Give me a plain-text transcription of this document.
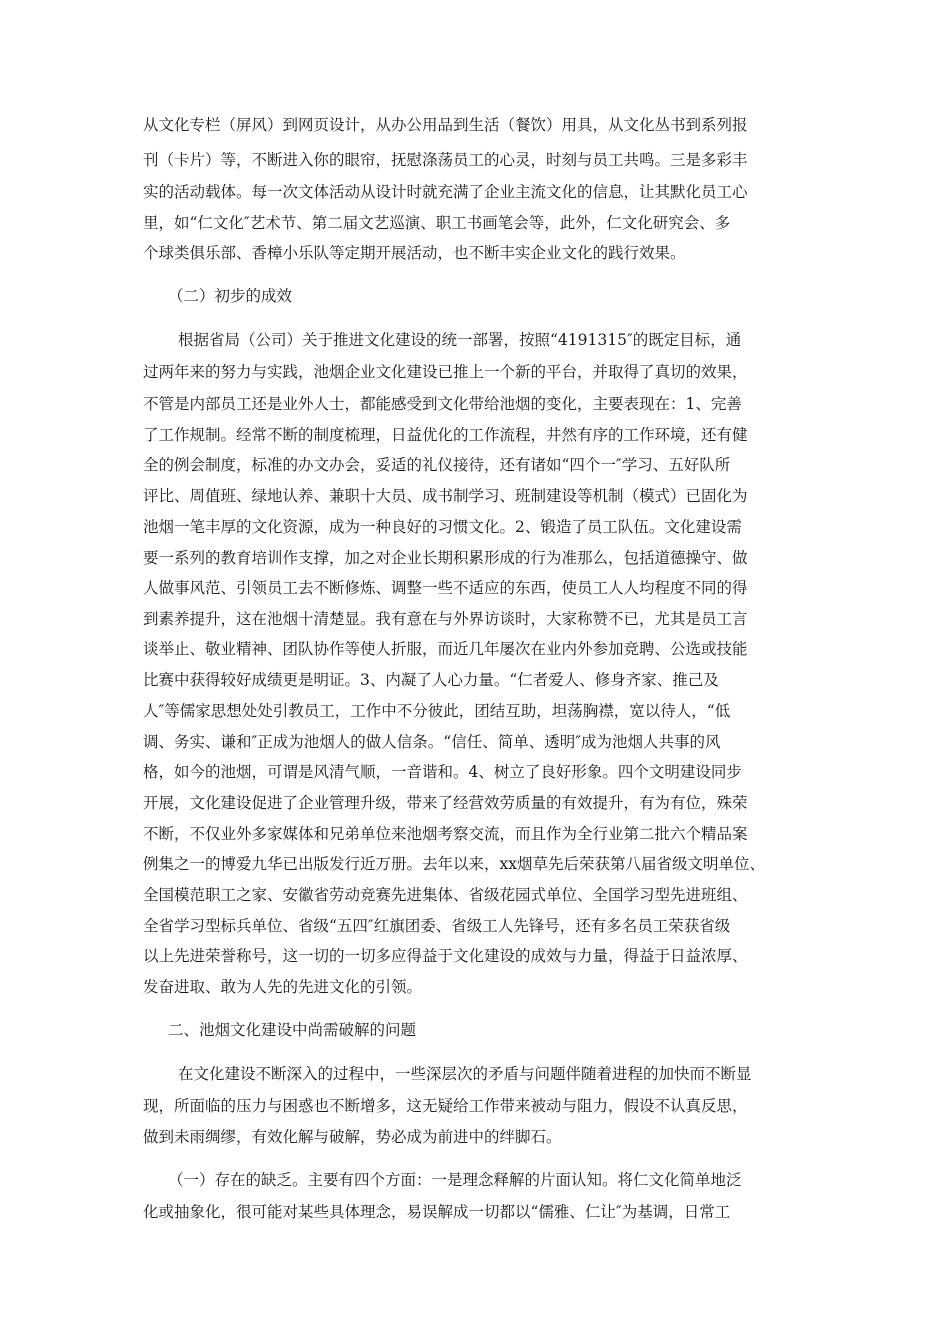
从文化专栏（屏风）到网页设计，从办公用品到生活（餐饮）用具，从文化丛书到系列报
刊（卡片）等，不断进入你的眼帘，抚慰涤荡员工的心灵，时刻与员工共鸣。三是多彩丰
实的活动载体。每一次文体活动从设计时就充满了企业主流文化的信息，让其默化员工心
里，如“仁文化″艺术节、第二届文艺巡演、职工书画笔会等，此外，仁文化研究会、多
个球类俱乐部、香樟小乐队等定期开展活动，也不断丰实企业文化的践行效果。
（二）初步的成效
根据省局（公司）关于推进文化建设的统一部署，按照“4191315″的既定目标，通
过两年来的努力与实践，池烟企业文化建设已推上一个新的平台，并取得了真切的效果，
不管是内部员工还是业外人士，都能感受到文化带给池烟的变化，主要表现在：1、完善
了工作规制。经常不断的制度梳理，日益优化的工作流程，井然有序的工作环境，还有健
全的例会制度，标准的办文办会，妥适的礼仪接待，还有诸如“四个一″学习、五好队所
评比、周值班、绿地认养、兼职十大员、成书制学习、班制建设等机制（模式）已固化为
池烟一笔丰厚的文化资源，成为一种良好的习惯文化。2、锻造了员工队伍。文化建设需
要一系列的教育培训作支撑，加之对企业长期积累形成的行为准那么，包括道德操守、做
人做事风范、引领员工去不断修炼、调整一些不适应的东西，使员工人人均程度不同的得
到素养提升，这在池烟十清楚显。我有意在与外界访谈时，大家称赞不已，尤其是员工言
谈举止、敬业精神、团队协作等使人折服，而近几年屡次在业内外参加竞聘、公选或技能
比赛中获得较好成绩更是明证。3、内凝了人心力量。“仁者爱人、修身齐家、推己及
人″等儒家思想处处引教员工，工作中不分彼此，团结互助，坦荡胸襟，宽以待人，“低
调、务实、谦和″正成为池烟人的做人信条。“信任、简单、透明″成为池烟人共事的风
格，如今的池烟，可谓是风清气顺，一音谐和。4、树立了良好形象。四个文明建设同步
开展，文化建设促进了企业管理升级，带来了经营效劳质量的有效提升，有为有位，殊荣
不断，不仅业外多家媒体和兄弟单位来池烟考察交流，而且作为全行业第二批六个精品案
例集之一的博爱九华已出版发行近万册。去年以来，xx烟草先后荣获第八届省级文明单位、
全国模范职工之家、安徽省劳动竞赛先进集体、省级花园式单位、全国学习型先进班组、
全省学习型标兵单位、省级“五四″红旗团委、省级工人先锋号，还有多名员工荣获省级
以上先进荣誉称号，这一切的一切多应得益于文化建设的成效与力量，得益于日益浓厚、
发奋进取、敢为人先的先进文化的引领。
二、池烟文化建设中尚需破解的问题
在文化建设不断深入的过程中，一些深层次的矛盾与问题伴随着进程的加快而不断显
现，所面临的压力与困惑也不断增多，这无疑给工作带来被动与阻力，假设不认真反思，
做到未雨绸缪，有效化解与破解，势必成为前进中的绊脚石。
（一）存在的缺乏。主要有四个方面：一是理念释解的片面认知。将仁文化简单地泛
化或抽象化，很可能对某些具体理念，易误解成一切都以“儒雅、仁让″为基调，日常工
